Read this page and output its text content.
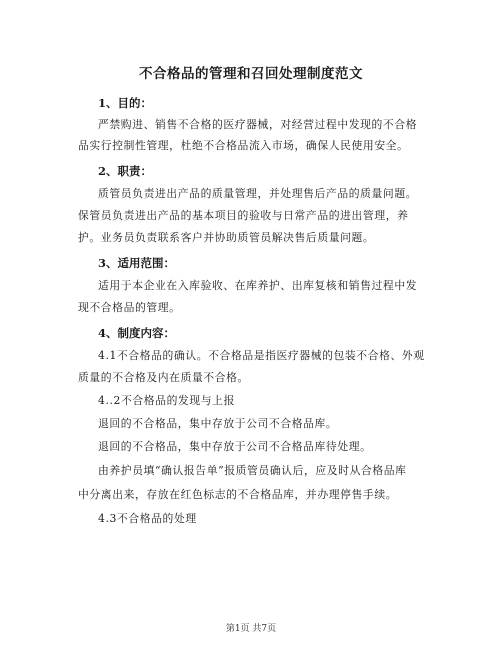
不合格品的管理和召回处理制度范文
1、目的：
严禁购进、销售不合格的医疗器械，对经营过程中发现的不合格
品实行控制性管理，杜绝不合格品流入市场，确保人民使用安全。
2、职责：
质管员负责进出产品的质量管理，并处理售后产品的质量问题。
保管员负责进出产品的基本项目的验收与日常产品的进出管理，养
护。业务员负责联系客户并协助质管员解决售后质量问题。
3、适用范围：
适用于本企业在入库验收、在库养护、出库复核和销售过程中发
现不合格品的管理。
4、制度内容：
4.1不合格品的确认。不合格品是指医疗器械的包装不合格、外观
质量的不合格及内在质量不合格。
4..2不合格品的发现与上报
退回的不合格品，集中存放于公司不合格品库。
退回的不合格品，集中存放于公司不合格品库待处理。
由养护员填“确认报告单”报质管员确认后，应及时从合格品库
中分离出来，存放在红色标志的不合格品库，并办理停售手续。
4.3不合格品的处理
第1页 共7页
